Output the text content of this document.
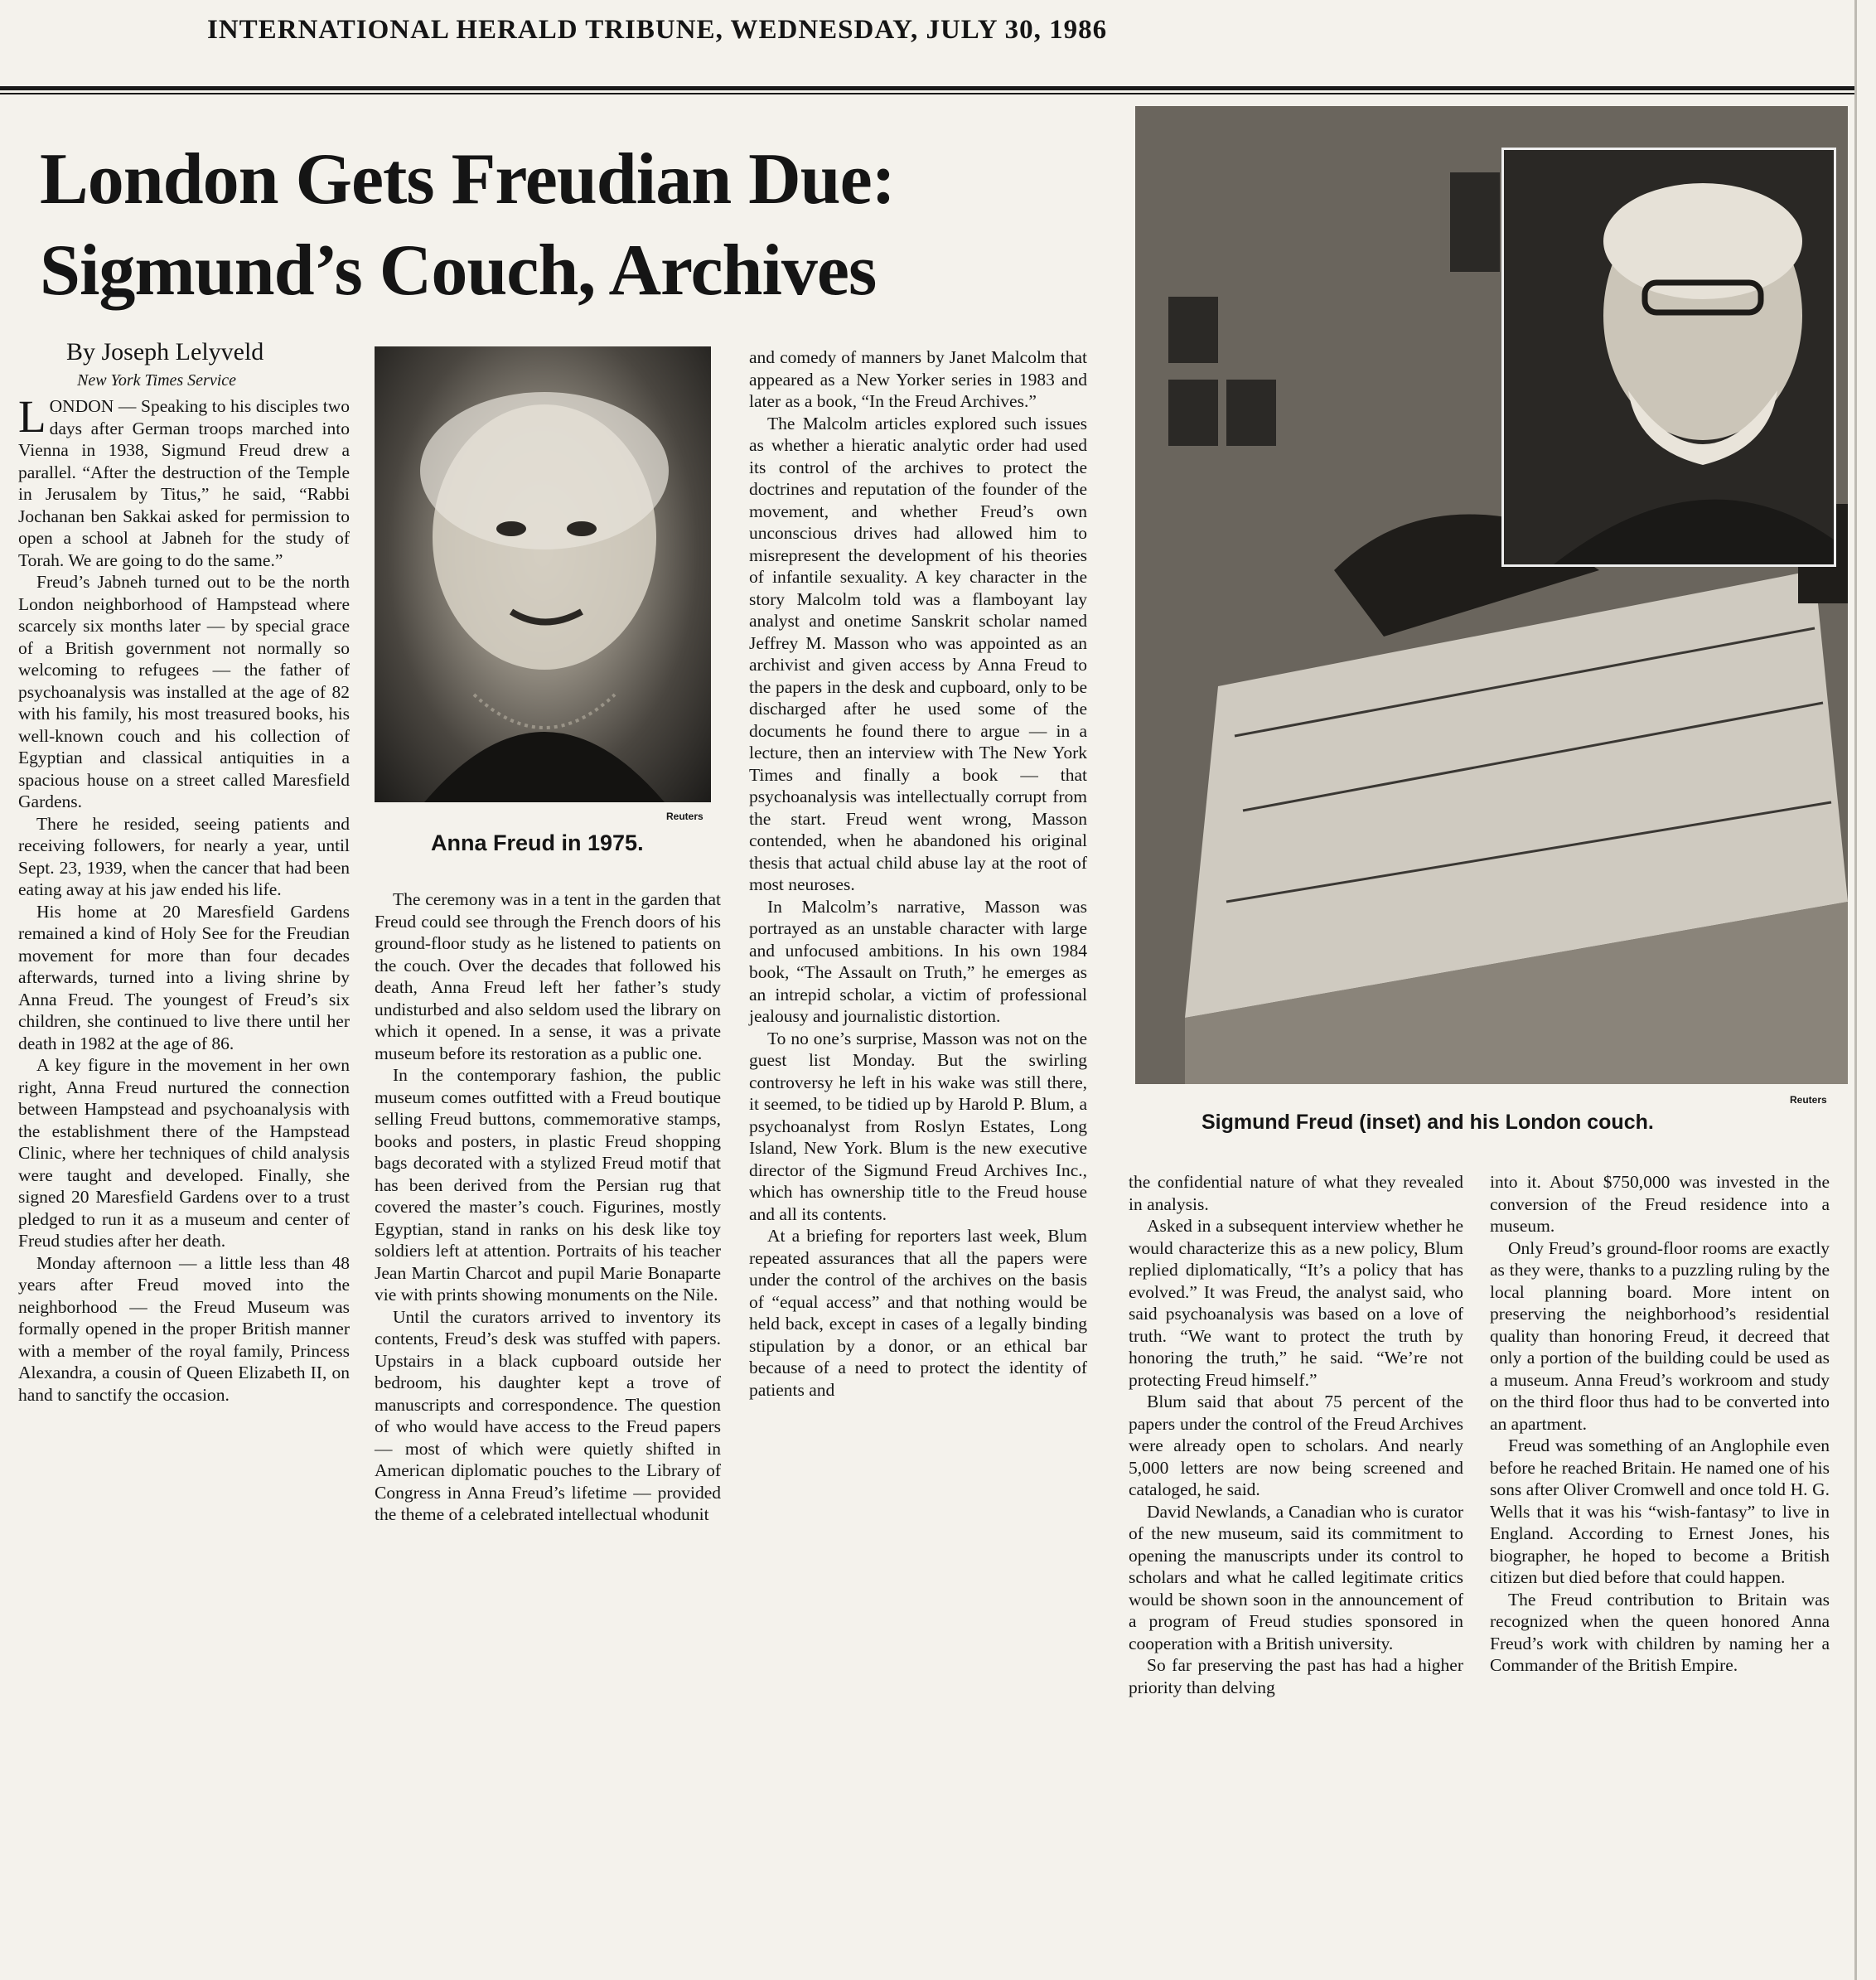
INTERNATIONAL HERALD TRIBUNE, WEDNESDAY, JULY 30, 1986
London Gets Freudian Due:
Sigmund’s Couch, Archives
By Joseph Lelyveld
New York Times Service

LONDON — Speaking to his disciples two days after German troops marched into Vienna in 1938, Sigmund Freud drew a parallel. “After the destruction of the Temple in Jerusalem by Titus,” he said, “Rabbi Jochanan ben Sakkai asked for permission to open a school at Jabneh for the study of Torah. We are going to do the same.”

Freud’s Jabneh turned out to be the north London neighborhood of Hampstead where scarcely six months later — by special grace of a British government not normally so welcoming to refugees — the father of psychoanalysis was installed at the age of 82 with his family, his most treasured books, his well-known couch and his collection of Egyptian and classical antiquities in a spacious house on a street called Maresfield Gardens.

There he resided, seeing patients and receiving followers, for nearly a year, until Sept. 23, 1939, when the cancer that had been eating away at his jaw ended his life.

His home at 20 Maresfield Gardens remained a kind of Holy See for the Freudian movement for more than four decades afterwards, turned into a living shrine by Anna Freud. The youngest of Freud’s six children, she continued to live there until her death in 1982 at the age of 86.

A key figure in the movement in her own right, Anna Freud nurtured the connection between Hampstead and psychoanalysis with the establishment there of the Hampstead Clinic, where her techniques of child analysis were taught and developed. Finally, she signed 20 Maresfield Gardens over to a trust pledged to run it as a museum and center of Freud studies after her death.

Monday afternoon — a little less than 48 years after Freud moved into the neighborhood — the Freud Museum was formally opened in the proper British manner with a member of the royal family, Princess Alexandra, a cousin of Queen Elizabeth II, on hand to sanctify the occasion.

Reuters
Anna Freud in 1975.

The ceremony was in a tent in the garden that Freud could see through the French doors of his ground-floor study as he listened to patients on the couch. Over the decades that followed his death, Anna Freud left her father’s study undisturbed and also seldom used the library on which it opened. In a sense, it was a private museum before its restoration as a public one.

In the contemporary fashion, the public museum comes outfitted with a Freud boutique selling Freud buttons, commemorative stamps, books and posters, in plastic Freud shopping bags decorated with a stylized Freud motif that has been derived from the Persian rug that covered the master’s couch. Figurines, mostly Egyptian, stand in ranks on his desk like toy soldiers left at attention. Portraits of his teacher Jean Martin Charcot and pupil Marie Bonaparte vie with prints showing monuments on the Nile.

Until the curators arrived to inventory its contents, Freud’s desk was stuffed with papers. Upstairs in a black cupboard outside her bedroom, his daughter kept a trove of manuscripts and correspondence. The question of who would have access to the Freud papers — most of which were quietly shifted in American diplomatic pouches to the Library of Congress in Anna Freud’s lifetime — provided the theme of a celebrated intellectual whodunit

and comedy of manners by Janet Malcolm that appeared as a New Yorker series in 1983 and later as a book, “In the Freud Archives.”

The Malcolm articles explored such issues as whether a hieratic analytic order had used its control of the archives to protect the doctrines and reputation of the founder of the movement, and whether Freud’s own unconscious drives had allowed him to misrepresent the development of his theories of infantile sexuality. A key character in the story Malcolm told was a flamboyant lay analyst and onetime Sanskrit scholar named Jeffrey M. Masson who was appointed as an archivist and given access by Anna Freud to the papers in the desk and cupboard, only to be discharged after he used some of the documents he found there to argue — in a lecture, then an interview with The New York Times and finally a book — that psychoanalysis was intellectually corrupt from the start. Freud went wrong, Masson contended, when he abandoned his original thesis that actual child abuse lay at the root of most neuroses.

In Malcolm’s narrative, Masson was portrayed as an unstable character with large and unfocused ambitions. In his own 1984 book, “The Assault on Truth,” he emerges as an intrepid scholar, a victim of professional jealousy and journalistic distortion.

To no one’s surprise, Masson was not on the guest list Monday. But the swirling controversy he left in his wake was still there, it seemed, to be tidied up by Harold P. Blum, a psychoanalyst from Roslyn Estates, Long Island, New York. Blum is the new executive director of the Sigmund Freud Archives Inc., which has ownership title to the Freud house and all its contents.

At a briefing for reporters last week, Blum repeated assurances that all the papers were under the control of the archives on the basis of “equal access” and that nothing would be held back, except in cases of a legally binding stipulation by a donor, or an ethical bar because of a need to protect the identity of patients and

Reuters
Sigmund Freud (inset) and his London couch.

the confidential nature of what they revealed in analysis.

Asked in a subsequent interview whether he would characterize this as a new policy, Blum replied diplomatically, “It’s a policy that has evolved.” It was Freud, the analyst said, who said psychoanalysis was based on a love of truth. “We want to protect the truth by honoring the truth,” he said. “We’re not protecting Freud himself.”

Blum said that about 75 percent of the papers under the control of the Freud Archives were already open to scholars. And nearly 5,000 letters are now being screened and cataloged, he said.

David Newlands, a Canadian who is curator of the new museum, said its commitment to opening the manuscripts under its control to scholars and what he called legitimate critics would be shown soon in the announcement of a program of Freud studies sponsored in cooperation with a British university.

So far preserving the past has had a higher priority than delving

into it. About $750,000 was invested in the conversion of the Freud residence into a museum.

Only Freud’s ground-floor rooms are exactly as they were, thanks to a puzzling ruling by the local planning board. More intent on preserving the neighborhood’s residential quality than honoring Freud, it decreed that only a portion of the building could be used as a museum. Anna Freud’s workroom and study on the third floor thus had to be converted into an apartment.

Freud was something of an Anglophile even before he reached Britain. He named one of his sons after Oliver Cromwell and once told H. G. Wells that it was his “wish-fantasy” to live in England. According to Ernest Jones, his biographer, he hoped to become a British citizen but died before that could happen.

The Freud contribution to Britain was recognized when the queen honored Anna Freud’s work with children by naming her a Commander of the British Empire.
